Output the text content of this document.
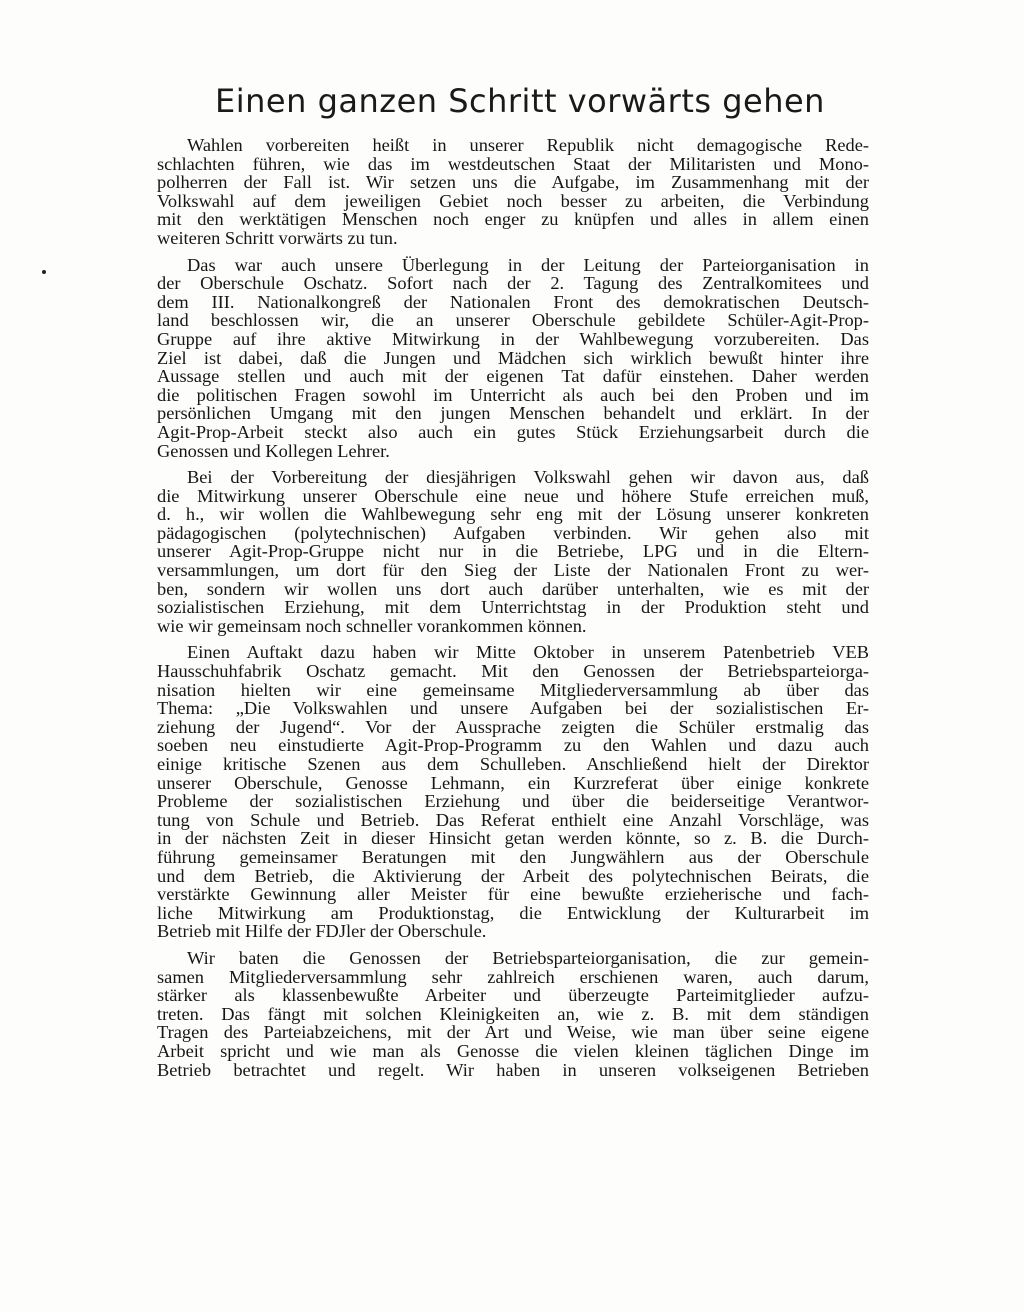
Einen ganzen Schritt vorwärts gehen

Wahlen vorbereiten heißt in unserer Republik nicht demagogische Rede-
schlachten führen, wie das im westdeutschen Staat der Militaristen und Mono-
polherren der Fall ist. Wir setzen uns die Aufgabe, im Zusammenhang mit der
Volkswahl auf dem jeweiligen Gebiet noch besser zu arbeiten, die Verbindung
mit den werktätigen Menschen noch enger zu knüpfen und alles in allem einen
weiteren Schritt vorwärts zu tun.

Das war auch unsere Überlegung in der Leitung der Parteiorganisation in
der Oberschule Oschatz. Sofort nach der 2. Tagung des Zentralkomitees und
dem III. Nationalkongreß der Nationalen Front des demokratischen Deutsch-
land beschlossen wir, die an unserer Oberschule gebildete Schüler-Agit-Prop-
Gruppe auf ihre aktive Mitwirkung in der Wahlbewegung vorzubereiten. Das
Ziel ist dabei, daß die Jungen und Mädchen sich wirklich bewußt hinter ihre
Aussage stellen und auch mit der eigenen Tat dafür einstehen. Daher werden
die politischen Fragen sowohl im Unterricht als auch bei den Proben und im
persönlichen Umgang mit den jungen Menschen behandelt und erklärt. In der
Agit-Prop-Arbeit steckt also auch ein gutes Stück Erziehungsarbeit durch die
Genossen und Kollegen Lehrer.

Bei der Vorbereitung der diesjährigen Volkswahl gehen wir davon aus, daß
die Mitwirkung unserer Oberschule eine neue und höhere Stufe erreichen muß,
d. h., wir wollen die Wahlbewegung sehr eng mit der Lösung unserer konkreten
pädagogischen (polytechnischen) Aufgaben verbinden. Wir gehen also mit
unserer Agit-Prop-Gruppe nicht nur in die Betriebe, LPG und in die Eltern-
versammlungen, um dort für den Sieg der Liste der Nationalen Front zu wer-
ben, sondern wir wollen uns dort auch darüber unterhalten, wie es mit der
sozialistischen Erziehung, mit dem Unterrichtstag in der Produktion steht und
wie wir gemeinsam noch schneller vorankommen können.

Einen Auftakt dazu haben wir Mitte Oktober in unserem Patenbetrieb VEB
Hausschuhfabrik Oschatz gemacht. Mit den Genossen der Betriebsparteiorga-
nisation hielten wir eine gemeinsame Mitgliederversammlung ab über das
Thema: „Die Volkswahlen und unsere Aufgaben bei der sozialistischen Er-
ziehung der Jugend“. Vor der Aussprache zeigten die Schüler erstmalig das
soeben neu einstudierte Agit-Prop-Programm zu den Wahlen und dazu auch
einige kritische Szenen aus dem Schulleben. Anschließend hielt der Direktor
unserer Oberschule, Genosse Lehmann, ein Kurzreferat über einige konkrete
Probleme der sozialistischen Erziehung und über die beiderseitige Verantwor-
tung von Schule und Betrieb. Das Referat enthielt eine Anzahl Vorschläge, was
in der nächsten Zeit in dieser Hinsicht getan werden könnte, so z. B. die Durch-
führung gemeinsamer Beratungen mit den Jungwählern aus der Oberschule
und dem Betrieb, die Aktivierung der Arbeit des polytechnischen Beirats, die
verstärkte Gewinnung aller Meister für eine bewußte erzieherische und fach-
liche Mitwirkung am Produktionstag, die Entwicklung der Kulturarbeit im
Betrieb mit Hilfe der FDJler der Oberschule.

Wir baten die Genossen der Betriebsparteiorganisation, die zur gemein-
samen Mitgliederversammlung sehr zahlreich erschienen waren, auch darum,
stärker als klassenbewußte Arbeiter und überzeugte Parteimitglieder aufzu-
treten. Das fängt mit solchen Kleinigkeiten an, wie z. B. mit dem ständigen
Tragen des Parteiabzeichens, mit der Art und Weise, wie man über seine eigene
Arbeit spricht und wie man als Genosse die vielen kleinen täglichen Dinge im
Betrieb betrachtet und regelt. Wir haben in unseren volkseigenen Betrieben
